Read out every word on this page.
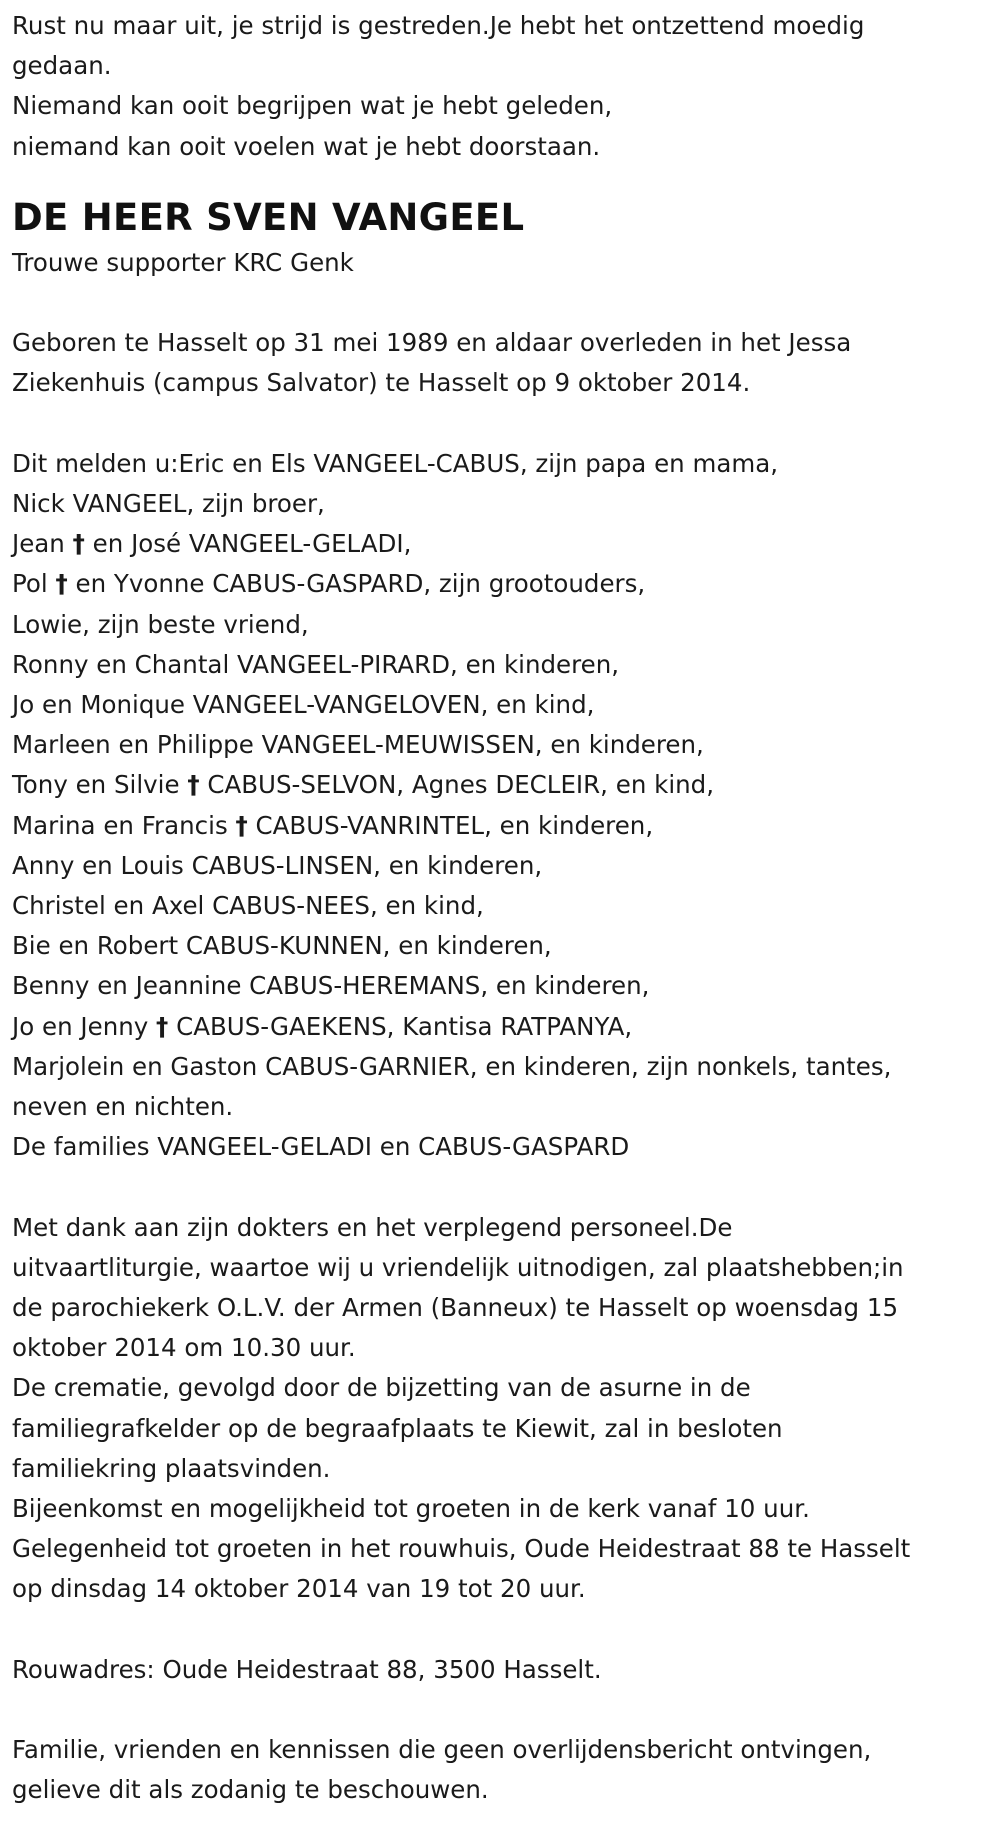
Rust nu maar uit, je strijd is gestreden.Je hebt het ontzettend moedig
gedaan.
Niemand kan ooit begrijpen wat je hebt geleden,
niemand kan ooit voelen wat je hebt doorstaan.
DE HEER SVEN VANGEEL
Trouwe supporter KRC Genk
Geboren te Hasselt op 31 mei 1989 en aldaar overleden in het Jessa
Ziekenhuis (campus Salvator) te Hasselt op 9 oktober 2014.
Dit melden u:Eric en Els VANGEEL-CABUS, zijn papa en mama,
Nick VANGEEL, zijn broer,
Jean † en José VANGEEL-GELADI,
Pol † en Yvonne CABUS-GASPARD, zijn grootouders,
Lowie, zijn beste vriend,
Ronny en Chantal VANGEEL-PIRARD, en kinderen,
Jo en Monique VANGEEL-VANGELOVEN, en kind,
Marleen en Philippe VANGEEL-MEUWISSEN, en kinderen,
Tony en Silvie † CABUS-SELVON, Agnes DECLEIR, en kind,
Marina en Francis † CABUS-VANRINTEL, en kinderen,
Anny en Louis CABUS-LINSEN, en kinderen,
Christel en Axel CABUS-NEES, en kind,
Bie en Robert CABUS-KUNNEN, en kinderen,
Benny en Jeannine CABUS-HEREMANS, en kinderen,
Jo en Jenny † CABUS-GAEKENS, Kantisa RATPANYA,
Marjolein en Gaston CABUS-GARNIER, en kinderen, zijn nonkels, tantes,
neven en nichten.
De families VANGEEL-GELADI en CABUS-GASPARD
Met dank aan zijn dokters en het verplegend personeel.De
uitvaartliturgie, waartoe wij u vriendelijk uitnodigen, zal plaatshebben;in
de parochiekerk O.L.V. der Armen (Banneux) te Hasselt op woensdag 15
oktober 2014 om 10.30 uur.
De crematie, gevolgd door de bijzetting van de asurne in de
familiegrafkelder op de begraafplaats te Kiewit, zal in besloten
familiekring plaatsvinden.
Bijeenkomst en mogelijkheid tot groeten in de kerk vanaf 10 uur.
Gelegenheid tot groeten in het rouwhuis, Oude Heidestraat 88 te Hasselt
op dinsdag 14 oktober 2014 van 19 tot 20 uur.
Rouwadres: Oude Heidestraat 88, 3500 Hasselt.
Familie, vrienden en kennissen die geen overlijdensbericht ontvingen,
gelieve dit als zodanig te beschouwen.
